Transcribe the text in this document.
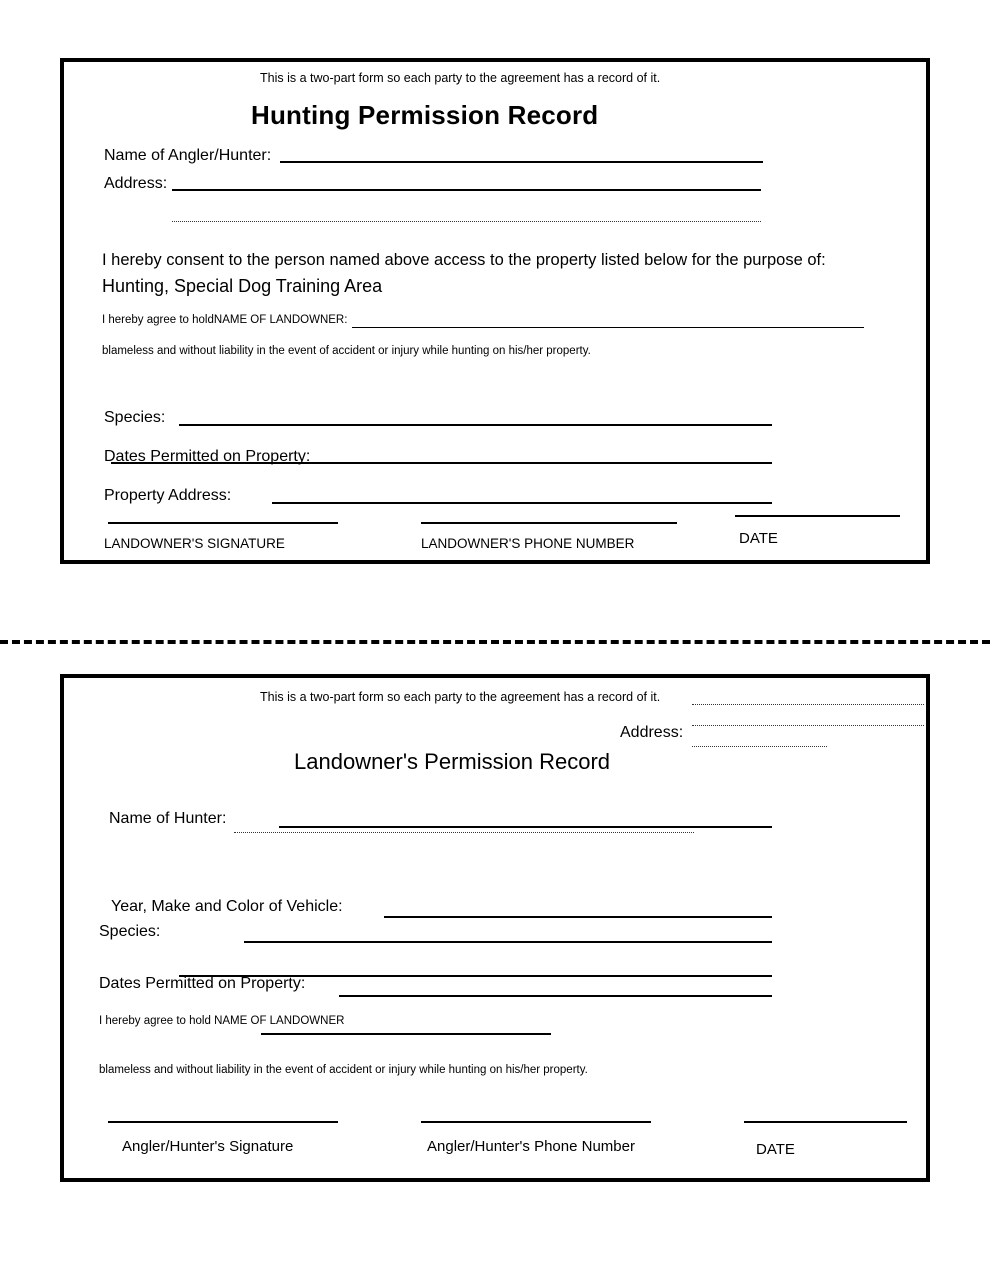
This is a two-part form so each party to the agreement has a record of it.
Hunting Permission Record
Name of Angler/Hunter:
Address:
I hereby consent to the person named above access to the property listed below for the purpose of:
Hunting, Special Dog Training Area
I hereby agree to holdNAME OF LANDOWNER:
blameless and without liability in the event of accident or injury while hunting on his/her property.
Species:
Dates Permitted on Property:
Property Address:
LANDOWNER'S SIGNATURE	LANDOWNER'S PHONE NUMBER	DATE
This is a two-part form so each party to the agreement has a record of it.
Address:
Landowner's Permission Record
Name of Hunter:
Year, Make and Color of Vehicle:
Species:
Dates Permitted on Property:
I hereby agree to hold NAME OF LANDOWNER
blameless and without liability in the event of accident or injury while hunting on his/her property.
Angler/Hunter's Signature	Angler/Hunter's Phone Number	DATE
